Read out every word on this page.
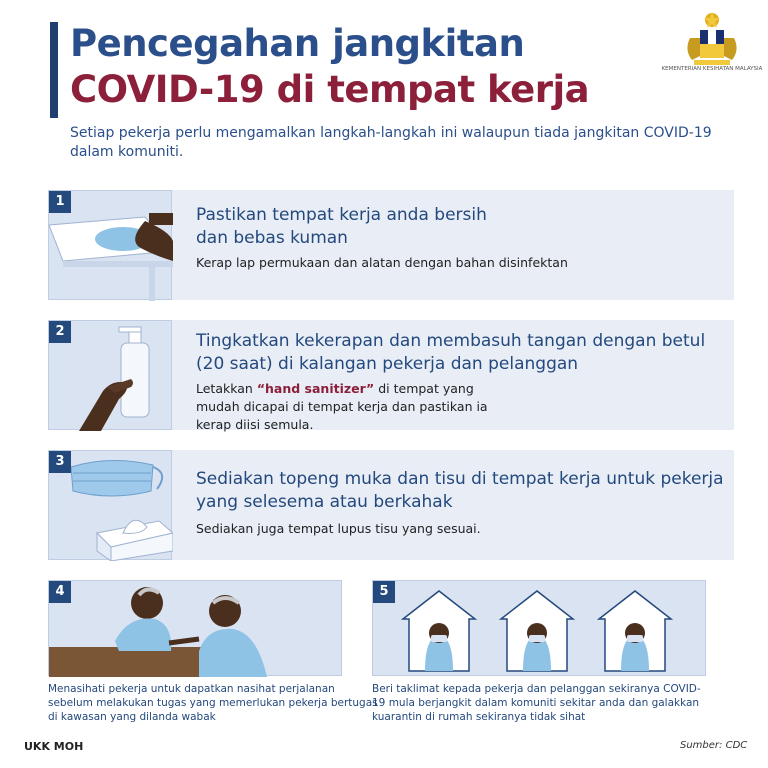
Pencegahan jangkitan
COVID-19 di tempat kerja	KEMENTERIAN KESIHATAN MALAYSIA
Setiap pekerja perlu mengamalkan langkah-langkah ini walaupun tiada jangkitan COVID-19 dalam komuniti.
1
Pastikan tempat kerja anda bersih dan bebas kuman
Kerap lap permukaan dan alatan dengan bahan disinfektan
2	Tingkatkan kekerapan dan membasuh tangan dengan betul (20 saat) di kalangan pekerja dan pelanggan
Letakkan “hand sanitizer” di tempat yang mudah dicapai di tempat kerja dan pastikan ia kerap diisi semula.
3
Sediakan topeng muka dan tisu di tempat kerja untuk pekerja yang selesema atau berkahak
Sediakan juga tempat lupus tisu yang sesuai.
4
Menasihati pekerja untuk dapatkan nasihat perjalanan sebelum melakukan tugas yang memerlukan pekerja bertugas di kawasan yang dilanda wabak
5
Beri taklimat kepada pekerja dan pelanggan sekiranya COVID-19 mula berjangkit dalam komuniti sekitar anda dan galakkan kuarantin di rumah sekiranya tidak sihat
UKK MOH	Sumber: CDC
